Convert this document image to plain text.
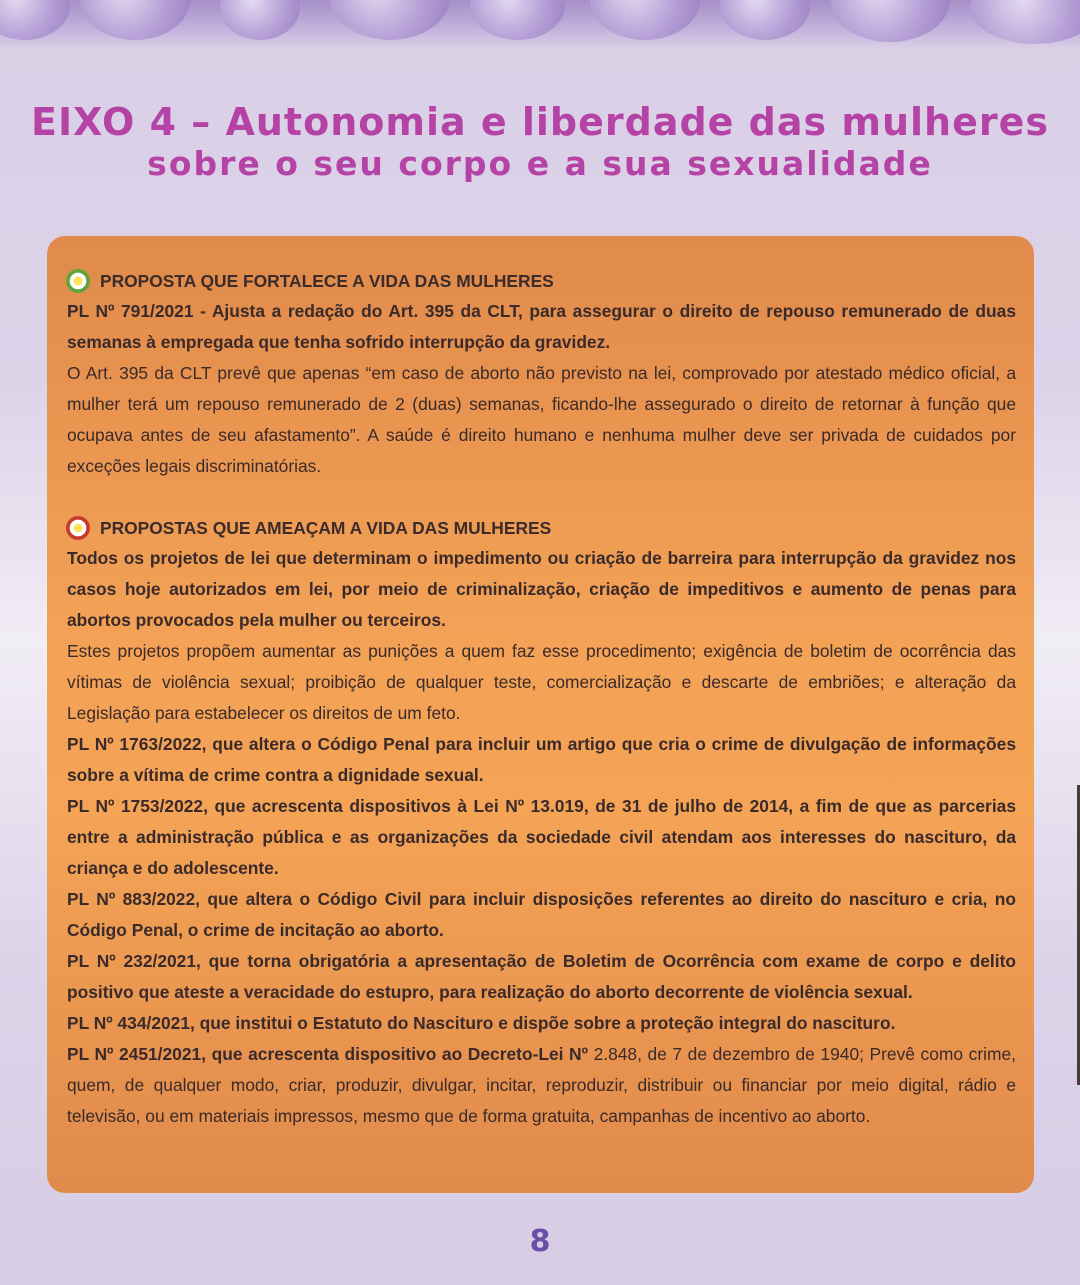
EIXO 4 – Autonomia e liberdade das mulheres
sobre o seu corpo e a sua sexualidade
PROPOSTA QUE FORTALECE A VIDA DAS MULHERES

PL Nº 791/2021 - Ajusta a redação do Art. 395 da CLT, para assegurar o direito de repouso remunerado de duas semanas à empregada que tenha sofrido interrupção da gravidez.

O Art. 395 da CLT prevê que apenas “em caso de aborto não previsto na lei, comprovado por atestado médico oficial, a mulher terá um repouso remunerado de 2 (duas) semanas, ficando-lhe assegurado o direito de retornar à função que ocupava antes de seu afastamento”. A saúde é direito humano e nenhuma mulher deve ser privada de cuidados por exceções legais discriminatórias.

PROPOSTAS QUE AMEAÇAM A VIDA DAS MULHERES

Todos os projetos de lei que determinam o impedimento ou criação de barreira para interrupção da gravidez nos casos hoje autorizados em lei, por meio de criminalização, criação de impeditivos e aumento de penas para abortos provocados pela mulher ou terceiros.

Estes projetos propõem aumentar as punições a quem faz esse procedimento; exigência de boletim de ocorrência das vítimas de violência sexual; proibição de qualquer teste, comercialização e descarte de embriões; e alteração da Legislação para estabelecer os direitos de um feto.

PL Nº 1763/2022, que altera o Código Penal para incluir um artigo que cria o crime de divulgação de informações sobre a vítima de crime contra a dignidade sexual.

PL Nº 1753/2022, que acrescenta dispositivos à Lei Nº 13.019, de 31 de julho de 2014, a fim de que as parcerias entre a administração pública e as organizações da sociedade civil atendam aos interesses do nascituro, da criança e do adolescente.

PL Nº 883/2022, que altera o Código Civil para incluir disposições referentes ao direito do nascituro e cria, no Código Penal, o crime de incitação ao aborto.

PL Nº 232/2021, que torna obrigatória a apresentação de Boletim de Ocorrência com exame de corpo e delito positivo que ateste a veracidade do estupro, para realização do aborto decorrente de violência sexual.

PL Nº 434/2021, que institui o Estatuto do Nascituro e dispõe sobre a proteção integral do nascituro.

PL Nº 2451/2021, que acrescenta dispositivo ao Decreto-Lei Nº 2.848, de 7 de dezembro de 1940; Prevê como crime, quem, de qualquer modo, criar, produzir, divulgar, incitar, reproduzir, distribuir ou financiar por meio digital, rádio e televisão, ou em materiais impressos, mesmo que de forma gratuita, campanhas de incentivo ao aborto.

8
